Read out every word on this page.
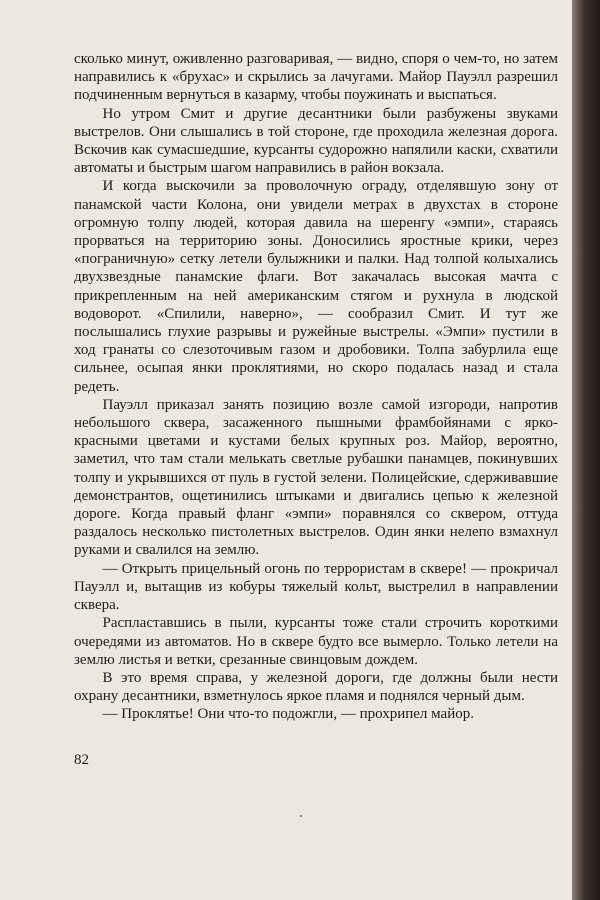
сколько минут, оживленно разговаривая, — видно, споря о чем-то, но затем направились к «брухас» и скрылись за лачугами. Майор Пауэлл разрешил подчиненным вернуться в казарму, чтобы поужинать и выспаться.

Но утром Смит и другие десантники были разбужены звуками выстрелов. Они слышались в той стороне, где проходила железная дорога. Вскочив как сумасшедшие, курсанты судорожно напялили каски, схватили автоматы и быстрым шагом направились в район вокзала.

И когда выскочили за проволочную ограду, отделявшую зону от панамской части Колона, они увидели метрах в двухстах в стороне огромную толпу людей, которая давила на шеренгу «эмпи», стараясь прорваться на территорию зоны. Доносились яростные крики, через «пограничную» сетку летели булыжники и палки. Над толпой колыхались двухзвездные панамские флаги. Вот закачалась высокая мачта с прикрепленным на ней американским стягом и рухнула в людской водоворот. «Спилили, наверно», — сообразил Смит. И тут же послышались глухие разрывы и ружейные выстрелы. «Эмпи» пустили в ход гранаты со слезоточивым газом и дробовики. Толпа забурлила еще сильнее, осыпая янки проклятиями, но скоро подалась назад и стала редеть.

Пауэлл приказал занять позицию возле самой изгороди, напротив небольшого сквера, засаженного пышными фрамбойянами с ярко-красными цветами и кустами белых крупных роз. Майор, вероятно, заметил, что там стали мелькать светлые рубашки панамцев, покинувших толпу и укрывшихся от пуль в густой зелени. Полицейские, сдерживавшие демонстрантов, ощетинились штыками и двигались цепью к железной дороге. Когда правый фланг «эмпи» поравнялся со сквером, оттуда раздалось несколько пистолетных выстрелов. Один янки нелепо взмахнул руками и свалился на землю.

— Открыть прицельный огонь по террористам в сквере! — прокричал Пауэлл и, вытащив из кобуры тяжелый кольт, выстрелил в направлении сквера.

Распластавшись в пыли, курсанты тоже стали строчить короткими очередями из автоматов. Но в сквере будто все вымерло. Только летели на землю листья и ветки, срезанные свинцовым дождем.

В это время справа, у железной дороги, где должны были нести охрану десантники, взметнулось яркое пламя и поднялся черный дым.

— Проклятье! Они что-то подожгли, — прохрипел майор.

82
